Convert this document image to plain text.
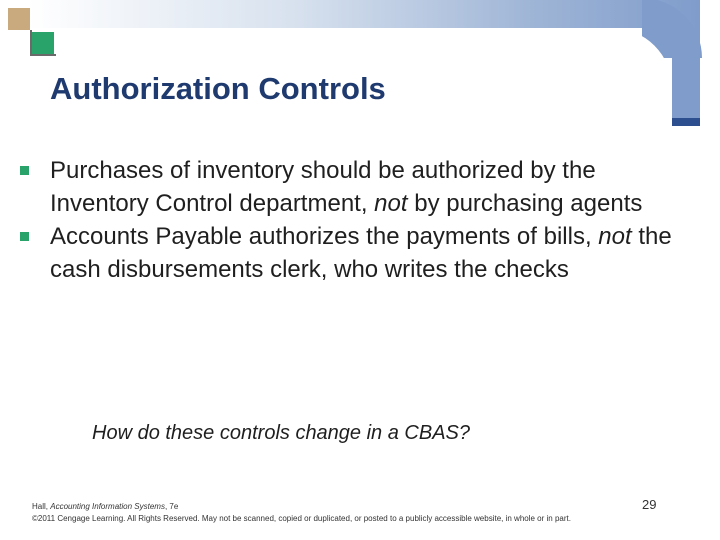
Authorization Controls
Purchases of inventory should be authorized by the Inventory Control department, not by purchasing agents
Accounts Payable authorizes the payments of bills, not the cash disbursements clerk, who writes the checks
How do these controls change in a CBAS?
Hall, Accounting Information Systems, 7e
©2011 Cengage Learning. All Rights Reserved. May not be scanned, copied or duplicated, or posted to a publicly accessible website, in whole or in part.
29
